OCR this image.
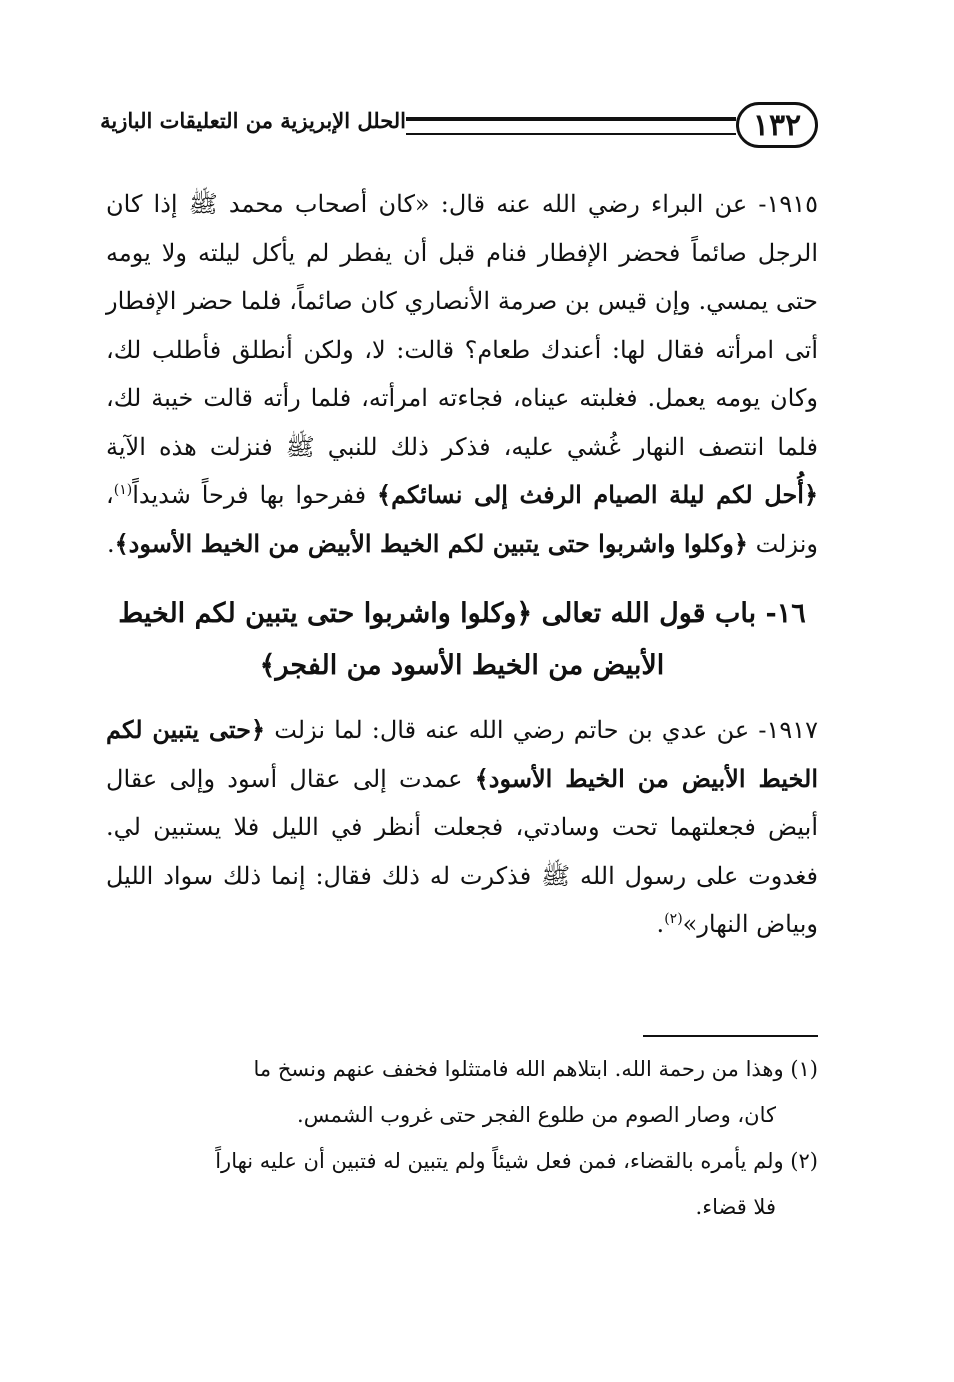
١٣٢
الحلل الإبريزية من التعليقات البازية

١٩١٥- عن البراء رضي الله عنه قال: «كان أصحاب محمد ﷺ إذا كان الرجل صائماً فحضر الإفطار فنام قبل أن يفطر لم يأكل ليلته ولا يومه حتى يمسي. وإن قيس بن صرمة الأنصاري كان صائماً، فلما حضر الإفطار أتى امرأته فقال لها: أعندك طعام؟ قالت: لا، ولكن أنطلق فأطلب لك، وكان يومه يعمل. فغلبته عيناه، فجاءته امرأته، فلما رأته قالت خيبة لك، فلما انتصف النهار غُشي عليه، فذكر ذلك للنبي ﷺ فنزلت هذه الآية ﴿أُحل لكم ليلة الصيام الرفث إلى نسائكم﴾ ففرحوا بها فرحاً شديداً$^{(١)}$، ونزلت ﴿وكلوا واشربوا حتى يتبين لكم الخيط الأبيض من الخيط الأسود﴾.

١٦- باب قول الله تعالى ﴿وكلوا واشربوا حتى يتبين لكم الخيط الأبيض من الخيط الأسود من الفجر﴾

١٩١٧- عن عدي بن حاتم رضي الله عنه قال: لما نزلت ﴿حتى يتبين لكم الخيط الأبيض من الخيط الأسود﴾ عمدت إلى عقال أسود وإلى عقال أبيض فجعلتهما تحت وسادتي، فجعلت أنظر في الليل فلا يستبين لي. فغدوت على رسول الله ﷺ فذكرت له ذلك فقال: إنما ذلك سواد الليل وبياض النهار»$^{(٢)}$.

(١) وهذا من رحمة الله. ابتلاهم الله فامتثلوا فخفف عنهم ونسخ ما

كان، وصار الصوم من طلوع الفجر حتى غروب الشمس.

(٢) ولم يأمره بالقضاء، فمن فعل شيئاً ولم يتبين له فتبين أن عليه نهاراً

فلا قضاء.
